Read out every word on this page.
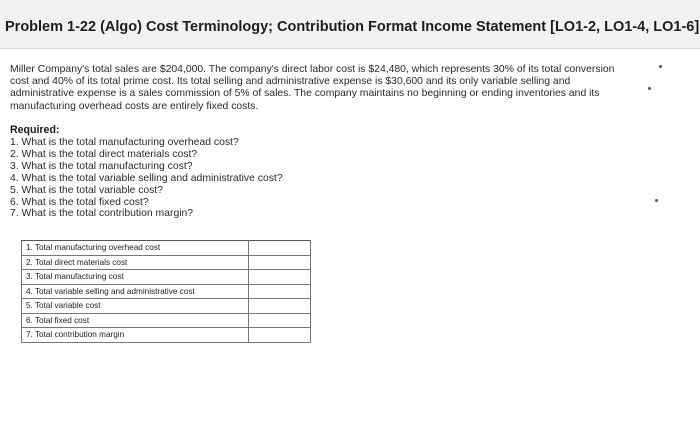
Problem 1-22 (Algo) Cost Terminology; Contribution Format Income Statement [LO1-2, LO1-4, LO1-6]
Miller Company's total sales are $204,000. The company's direct labor cost is $24,480, which represents 30% of its total conversion
cost and 40% of its total prime cost. Its total selling and administrative expense is $30,600 and its only variable selling and
administrative expense is a sales commission of 5% of sales. The company maintains no beginning or ending inventories and its
manufacturing overhead costs are entirely fixed costs.
Required:
1. What is the total manufacturing overhead cost?
2. What is the total direct materials cost?
3. What is the total manufacturing cost?
4. What is the total variable selling and administrative cost?
5. What is the total variable cost?
6. What is the total fixed cost?
7. What is the total contribution margin?
1. Total manufacturing overhead cost	
2. Total direct materials cost	
3. Total manufacturing cost	
4. Total variable selling and administrative cost	
5. Total variable cost	
6. Total fixed cost	
7. Total contribution margin	
